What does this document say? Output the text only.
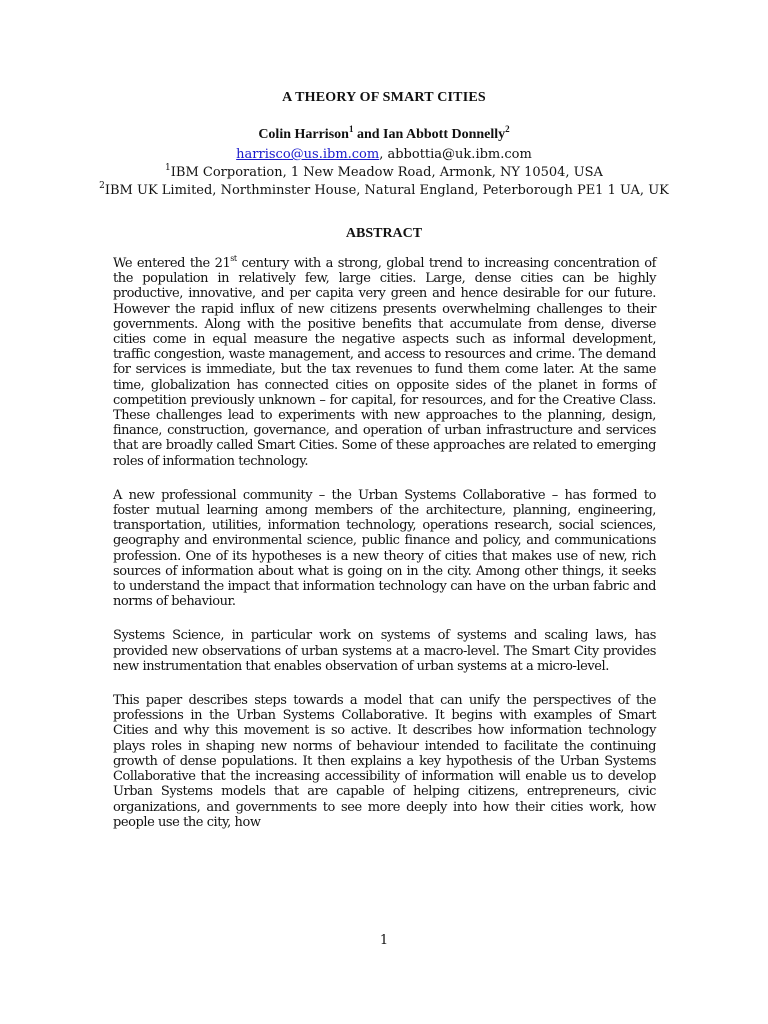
A THEORY OF SMART CITIES
Colin Harrison$^1$ and Ian Abbott Donnelly$^2$
harrisco@us.ibm.com, abbottia@uk.ibm.com
$^1$IBM Corporation, 1 New Meadow Road, Armonk, NY 10504, USA
$^2$IBM UK Limited, Northminster House, Natural England, Peterborough PE1 1 UA, UK
ABSTRACT

We entered the 21st century with a strong, global trend to increasing concentration of the population in relatively few, large cities. Large, dense cities can be highly productive, innovative, and per capita very green and hence desirable for our future. However the rapid influx of new citizens presents overwhelming challenges to their governments. Along with the positive benefits that accumulate from dense, diverse cities come in equal measure the negative aspects such as informal development, traffic congestion, waste management, and access to resources and crime. The demand for services is immediate, but the tax revenues to fund them come later. At the same time, globalization has connected cities on opposite sides of the planet in forms of competition previously unknown – for capital, for resources, and for the Creative Class. These challenges lead to experiments with new approaches to the planning, design, finance, construction, governance, and operation of urban infrastructure and services that are broadly called Smart Cities. Some of these approaches are related to emerging roles of information technology.

A new professional community – the Urban Systems Collaborative – has formed to foster mutual learning among members of the architecture, planning, engineering, transportation, utilities, information technology, operations research, social sciences, geography and environmental science, public finance and policy, and communications profession. One of its hypotheses is a new theory of cities that makes use of new, rich sources of information about what is going on in the city. Among other things, it seeks to understand the impact that information technology can have on the urban fabric and norms of behaviour.

Systems Science, in particular work on systems of systems and scaling laws, has provided new observations of urban systems at a macro-level. The Smart City provides new instrumentation that enables observation of urban systems at a micro-level.

This paper describes steps towards a model that can unify the perspectives of the professions in the Urban Systems Collaborative. It begins with examples of Smart Cities and why this movement is so active. It describes how information technology plays roles in shaping new norms of behaviour intended to facilitate the continuing growth of dense populations. It then explains a key hypothesis of the Urban Systems Collaborative that the increasing accessibility of information will enable us to develop Urban Systems models that are capable of helping citizens, entrepreneurs, civic organizations, and governments to see more deeply into how their cities work, how people use the city, how

1
